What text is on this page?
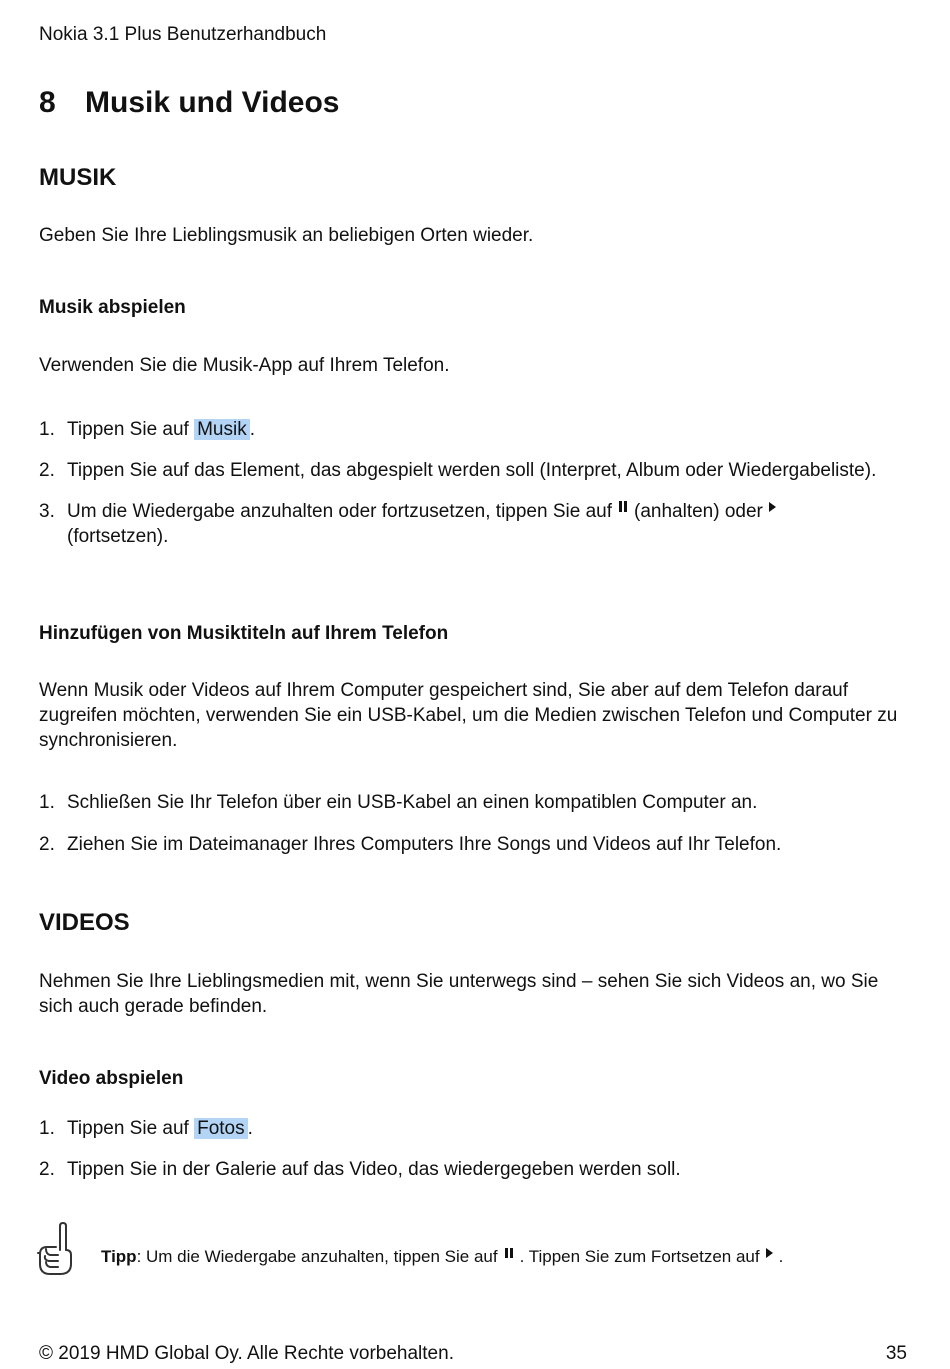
Nokia 3.1 Plus Benutzerhandbuch
8 Musik und Videos
MUSIK
Geben Sie Ihre Lieblingsmusik an beliebigen Orten wieder.
Musik abspielen
Verwenden Sie die Musik-App auf Ihrem Telefon.
1. Tippen Sie auf Musik .
2. Tippen Sie auf das Element, das abgespielt werden soll (Interpret, Album oder Wiedergabeliste).
3. Um die Wiedergabe anzuhalten oder fortzusetzen, tippen Sie auf (anhalten) oder
(fortsetzen).
Hinzufügen von Musiktiteln auf Ihrem Telefon
Wenn Musik oder Videos auf Ihrem Computer gespeichert sind, Sie aber auf dem Telefon darauf zugreifen möchten, verwenden Sie ein USB-Kabel, um die Medien zwischen Telefon und Computer zu synchronisieren.
1. Schließen Sie Ihr Telefon über ein USB-Kabel an einen kompatiblen Computer an.
2. Ziehen Sie im Dateimanager Ihres Computers Ihre Songs und Videos auf Ihr Telefon.
VIDEOS
Nehmen Sie Ihre Lieblingsmedien mit, wenn Sie unterwegs sind – sehen Sie sich Videos an, wo Sie sich auch gerade befinden.
Video abspielen
1. Tippen Sie auf Fotos .
2. Tippen Sie in der Galerie auf das Video, das wiedergegeben werden soll.
Tipp: Um die Wiedergabe anzuhalten, tippen Sie auf . Tippen Sie zum Fortsetzen auf .
© 2019 HMD Global Oy. Alle Rechte vorbehalten.	35
